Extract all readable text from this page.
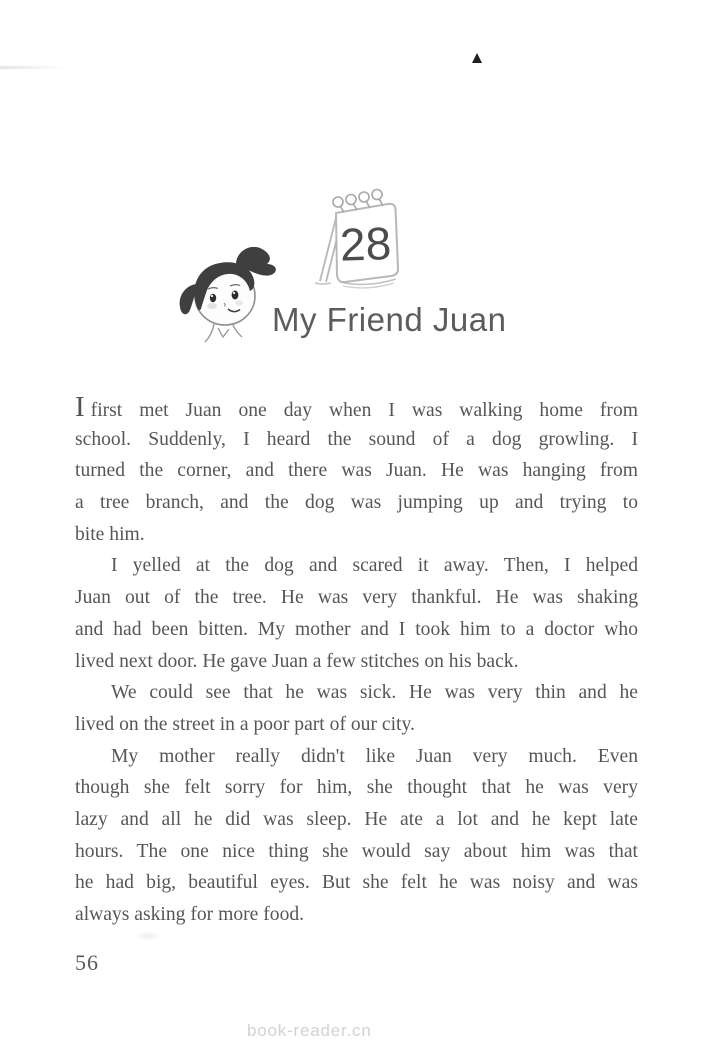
28
My Friend Juan
I first met Juan one day when I was walking home from
school. Suddenly, I heard the sound of a dog growling. I
turned the corner, and there was Juan. He was hanging from
a tree branch, and the dog was jumping up and trying to
bite him.
I yelled at the dog and scared it away. Then, I helped
Juan out of the tree. He was very thankful. He was shaking
and had been bitten. My mother and I took him to a doctor who
lived next door. He gave Juan a few stitches on his back.
We could see that he was sick. He was very thin and he
lived on the street in a poor part of our city.
My mother really didn't like Juan very much. Even
though she felt sorry for him, she thought that he was very
lazy and all he did was sleep. He ate a lot and he kept late
hours. The one nice thing she would say about him was that
he had big, beautiful eyes. But she felt he was noisy and was
always asking for more food.
56
book-reader.cn
